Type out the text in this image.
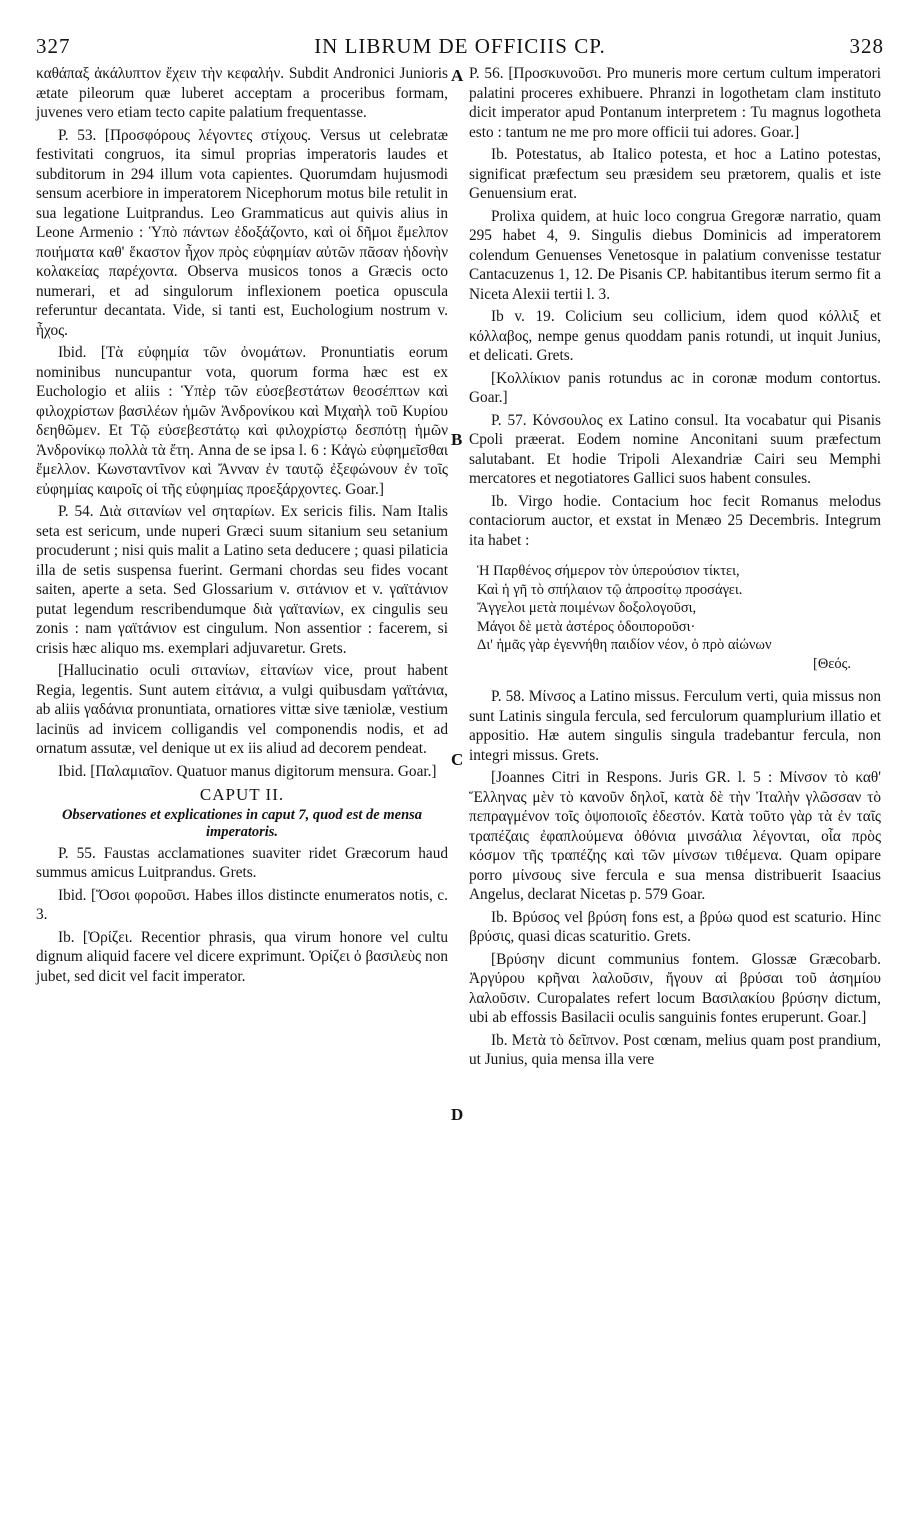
327	IN LIBRUM DE OFFICIIS CP.	328
A
B
C
D

καθάπαξ ἀκάλυπτον ἔχειν τὴν κεφαλήν. Subdit Andronici Junioris ætate pileorum quæ luberet acceptam a proceribus formam, juvenes vero etiam tecto capite palatium frequentasse.

P. 53. [Προσφόρους λέγοντες στίχους. Versus ut celebratæ festivitati congruos, ita simul proprias imperatoris laudes et subditorum in 294 illum vota capientes. Quorumdam hujusmodi sensum acerbiore in imperatorem Nicephorum motus bile retulit in sua legatione Luitprandus. Leo Grammaticus aut quivis alius in Leone Armenio : Ὑπὸ πάντων ἐδοξάζοντο, καὶ οἱ δῆμοι ἔμελπον ποιήματα καθ' ἕκαστον ἦχον πρὸς εὐφημίαν αὐτῶν πᾶσαν ἡδονὴν κολακείας παρέχοντα. Observa musicos tonos a Græcis octo numerari, et ad singulorum inflexionem poetica opuscula referuntur decantata. Vide, si tanti est, Euchologium nostrum v. ἦχος.

Ibid. [Τὰ εὐφημία τῶν ὀνομάτων. Pronuntiatis eorum nominibus nuncupantur vota, quorum forma hæc est ex Euchologio et aliis : Ὑπὲρ τῶν εὐσεβεστάτων θεοσέπτων καὶ φιλοχρίστων βασιλέων ἡμῶν Ἀνδρονίκου καὶ Μιχαὴλ τοῦ Κυρίου δεηθῶμεν. Et Τῷ εὐσεβεστάτῳ καὶ φιλοχρίστῳ δεσπότῃ ἡμῶν Ἀνδρονίκῳ πολλὰ τὰ ἔτη. Anna de se ipsa l. 6 : Κἀγὼ εὐφημεῖσθαι ἔμελλον. Κωνσταντῖνον καὶ Ἄνναν ἐν ταυτῷ ἐξεφώνουν ἐν τοῖς εὐφημίας καιροῖς οἱ τῆς εὐφημίας προεξάρχοντες. Goar.]

P. 54. Διὰ σιτανίων vel σηταρίων. Ex sericis filis. Nam Italis seta est sericum, unde nuperi Græci suum sitanium seu setanium procuderunt ; nisi quis malit a Latino seta deducere ; quasi pilaticia illa de setis suspensa fuerint. Germani chordas seu fides vocant saiten, aperte a seta. Sed Glossarium v. σιτάνιον et v. γαϊτάνιον putat legendum rescribendumque διὰ γαϊτανίων, ex cingulis seu zonis : nam γαϊτάνιον est cingulum. Non assentior : facerem, si crisis hæc aliquo ms. exemplari adjuvaretur. Grets.

[Hallucinatio oculi σιτανίων, εἰτανίων vice, prout habent Regia, legentis. Sunt autem εἰτάνια, a vulgi quibusdam γαϊτάνια, ab aliis γαδάνια pronuntiata, ornatiores vittæ sive tæniolæ, vestium lacinüs ad invicem colligandis vel componendis nodis, et ad ornatum assutæ, vel denique ut ex iis aliud ad decorem pendeat.

Ibid. [Παλαμιαῖον. Quatuor manus digitorum mensura. Goar.]

CAPUT II.

Observationes et explicationes in caput 7, quod est de mensa imperatoris.

P. 55. Faustas acclamationes suaviter ridet Græcorum haud summus amicus Luitprandus. Grets.

Ibid. [Ὅσοι φοροῦσι. Habes illos distincte enumeratos notis, c. 3.

Ib. [Ὀρίζει. Recentior phrasis, qua virum honore vel cultu dignum aliquid facere vel dicere exprimunt. Ὀρίζει ὁ βασιλεὺς non jubet, sed dicit vel facit imperator.

P. 56. [Προσκυνοῦσι. Pro muneris more certum cultum imperatori palatini proceres exhibuere. Phranzi in logothetam clam instituto dicit imperator apud Pontanum interpretem : Tu magnus logotheta esto : tantum ne me pro more officii tui adores. Goar.]

Ib. Potestatus, ab Italico potesta, et hoc a Latino potestas, significat præfectum seu præsidem seu prætorem, qualis et iste Genuensium erat.

Prolixa quidem, at huic loco congrua Gregoræ narratio, quam 295 habet 4, 9. Singulis diebus Dominicis ad imperatorem colendum Genuenses Venetosque in palatium convenisse testatur Cantacuzenus 1, 12. De Pisanis CP. habitantibus iterum sermo fit a Niceta Alexii tertii l. 3.

Ib v. 19. Colicium seu collicium, idem quod κόλλιξ et κόλλαβος, nempe genus quoddam panis rotundi, ut inquit Junius, et delicati. Grets.

[Κολλίκιον panis rotundus ac in coronæ modum contortus. Goar.]

P. 57. Κόνσουλος ex Latino consul. Ita vocabatur qui Pisanis Cpoli præerat. Eodem nomine Anconitani suum præfectum salutabant. Et hodie Tripoli Alexandriæ Cairi seu Memphi mercatores et negotiatores Gallici suos habent consules.

Ib. Virgo hodie. Contacium hoc fecit Romanus melodus contaciorum auctor, et exstat in Menæo 25 Decembris. Integrum ita habet :

Ἡ Παρθένος σήμερον τὸν ὑπερούσιον τίκτει,
Καὶ ἡ γῆ τὸ σπήλαιον τῷ ἀπροσίτῳ προσάγει.
Ἄγγελοι μετὰ ποιμένων δοξολογοῦσι,
Μάγοι δὲ μετὰ ἀστέρος ὁδοιποροῦσι·
Δι' ἡμᾶς γὰρ ἐγεννήθη παιδίον νέον, ὁ πρὸ αἰώνων
[Θεός.

P. 58. Μίνσος a Latino missus. Ferculum verti, quia missus non sunt Latinis singula fercula, sed ferculorum quamplurium illatio et appositio. Hæ autem singulis singula tradebantur fercula, non integri missus. Grets.

[Joannes Citri in Respons. Juris GR. l. 5 : Μίνσον τὸ καθ' Ἕλληνας μὲν τὸ κανοῦν δηλοῖ, κατὰ δὲ τὴν Ἰταλὴν γλῶσσαν τὸ πεπραγμένον τοῖς ὀψοποιοῖς ἐδεστόν. Κατὰ τοῦτο γὰρ τὰ ἐν ταῖς τραπέζαις ἐφαπλούμενα ὀθόνια μινσάλια λέγονται, οἷα πρὸς κόσμον τῆς τραπέζης καὶ τῶν μίνσων τιθέμενα. Quam opipare porro μίνσους sive fercula e sua mensa distribuerit Isaacius Angelus, declarat Nicetas p. 579 Goar.

Ib. Βρύσος vel βρύση fons est, a βρύω quod est scaturio. Hinc βρύσις, quasi dicas scaturitio. Grets.

[Βρύσην dicunt communius fontem. Glossæ Græcobarb. Ἀργύρου κρῆναι λαλοῦσιν, ἤγουν αἱ βρύσαι τοῦ ἀσημίου λαλοῦσιν. Curopalates refert locum Βασιλακίου βρύσην dictum, ubi ab effossis Basilacii oculis sanguinis fontes eruperunt. Goar.]

Ib. Μετὰ τὸ δεῖπνον. Post cœnam, melius quam post prandium, ut Junius, quia mensa illa vere
